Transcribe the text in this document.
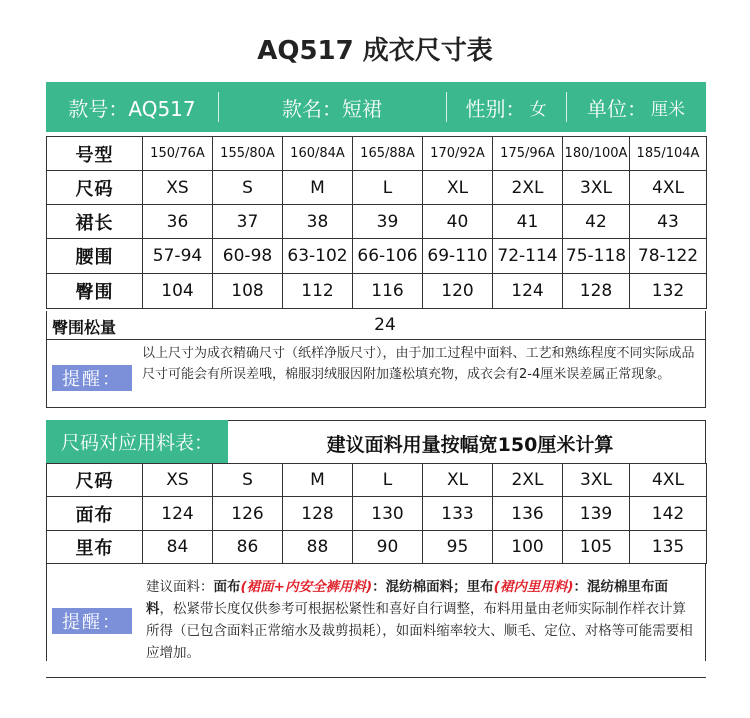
AQ517 成衣尺寸表
款号：AQ517	款名：短裙	性别： 女 单位： 厘米
号型	150/76A	155/80A	160/84A	165/88A	170/92A	175/96A	180/100A	185/104A
尺码	XS	S	M	L	XL	2XL	3XL	4XL
裙长	36	37	38	39	40	41	42	43
腰围	57-94	60-98	63-102	66-106	69-110	72-114	75-118	78-122
臀围	104	108	112	116	120	124	128	132
臀围松量	24
提醒：
以上尺寸为成衣精确尺寸（纸样净版尺寸），由于加工过程中面料、工艺和熟练程度不同实际成品尺寸可能会有所误差哦，棉服羽绒服因附加蓬松填充物，成衣会有2-4厘米误差属正常现象。
尺码对应用料表：	建议面料用量按幅宽150厘米计算
尺码	XS	S	M	L	XL	2XL	3XL	4XL
面布	124	126	128	130	133	136	139	142
里布	84	86	88	90	95	100	105	135
提醒：
建议面料：面布(裙面+内安全裤用料)：混纺棉面料；里布(裙内里用料)：混纺棉里布面料，松紧带长度仅供参考可根据松紧性和喜好自行调整，布料用量由老师实际制作样衣计算所得（已包含面料正常缩水及裁剪损耗），如面料缩率较大、顺毛、定位、对格等可能需要相应增加。
